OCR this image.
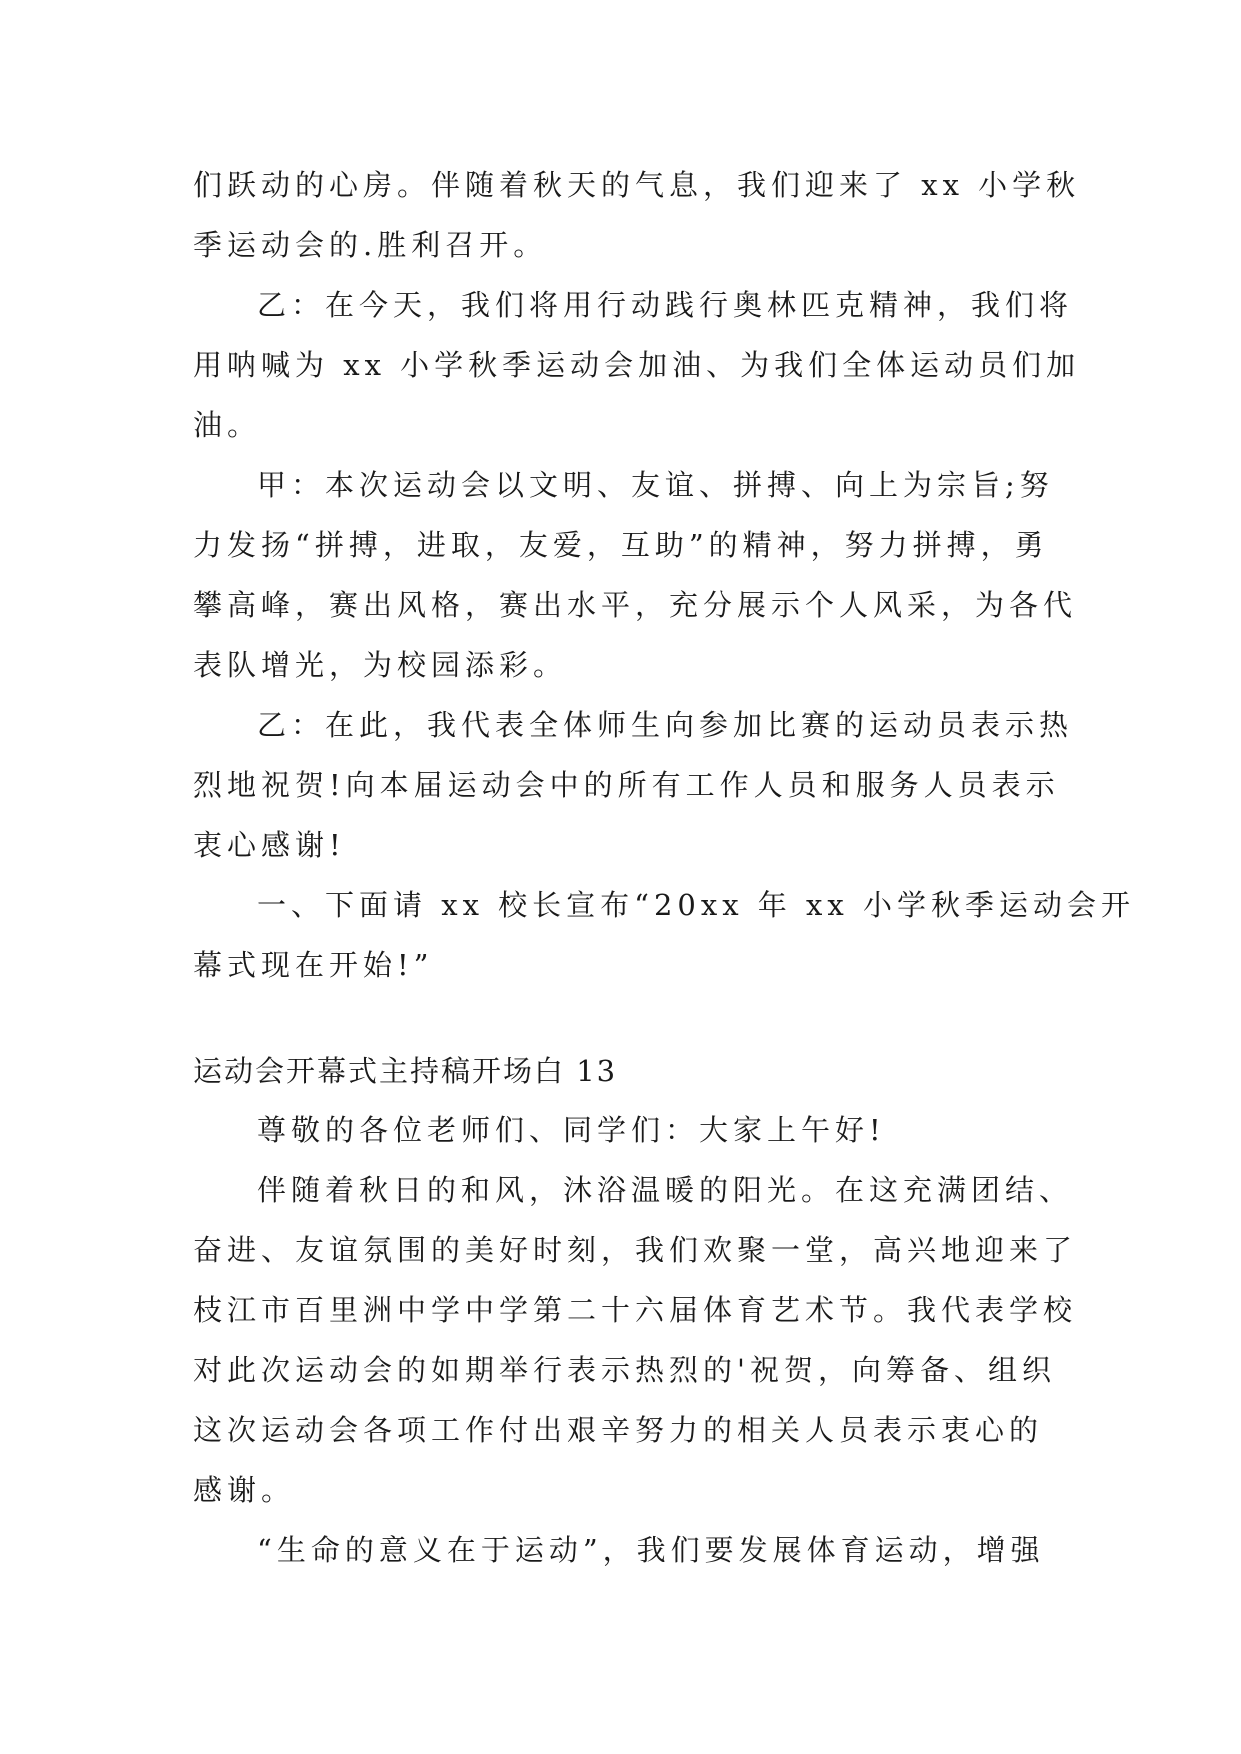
们跃动的心房。伴随着秋天的气息，我们迎来了 xx 小学秋
季运动会的.胜利召开。
乙：在今天，我们将用行动践行奥林匹克精神，我们将
用呐喊为 xx 小学秋季运动会加油、为我们全体运动员们加
油。
甲：本次运动会以文明、友谊、拼搏、向上为宗旨;努
力发扬“拼搏，进取，友爱，互助”的精神，努力拼搏，勇
攀高峰，赛出风格，赛出水平，充分展示个人风采，为各代
表队增光，为校园添彩。
乙：在此，我代表全体师生向参加比赛的运动员表示热
烈地祝贺!向本届运动会中的所有工作人员和服务人员表示
衷心感谢!
一、下面请 xx 校长宣布“20xx 年 xx 小学秋季运动会开
幕式现在开始!”
运动会开幕式主持稿开场白 13
尊敬的各位老师们、同学们：大家上午好!
伴随着秋日的和风，沐浴温暖的阳光。在这充满团结、
奋进、友谊氛围的美好时刻，我们欢聚一堂，高兴地迎来了
枝江市百里洲中学中学第二十六届体育艺术节。我代表学校
对此次运动会的如期举行表示热烈的'祝贺，向筹备、组织
这次运动会各项工作付出艰辛努力的相关人员表示衷心的
感谢。
“生命的意义在于运动”，我们要发展体育运动，增强
